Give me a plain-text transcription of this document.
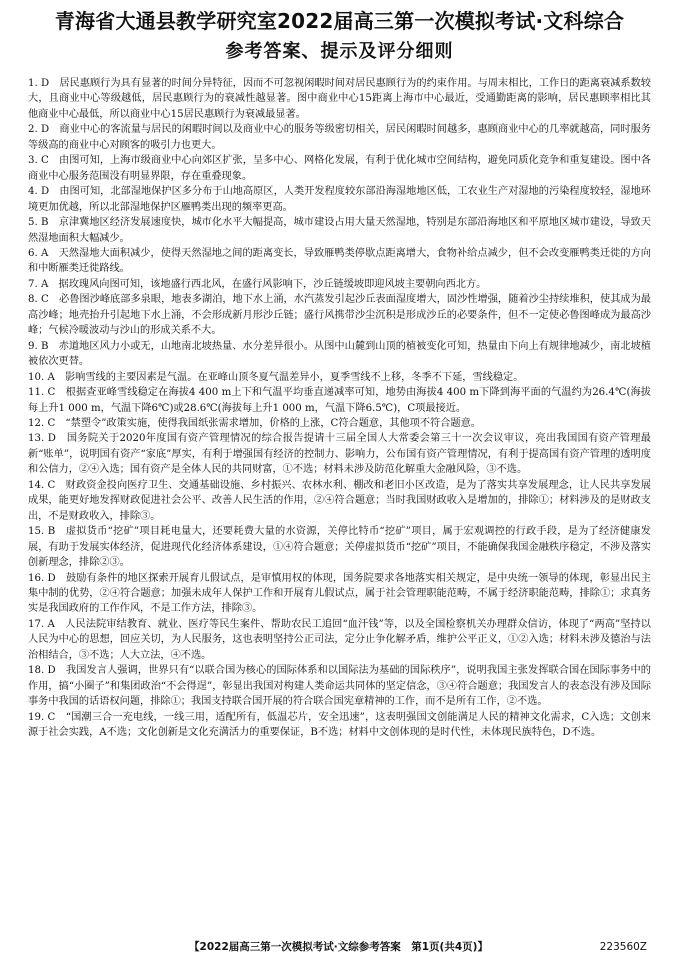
青海省大通县教学研究室2022届高三第一次模拟考试·文科综合
参考答案、提示及评分细则

1. D　居民惠顾行为具有显著的时间分异特征，因而不可忽视闲暇时间对居民惠顾行为的约束作用。与周末相比，工作日的距离衰减系数较大，且商业中心等级越低，居民惠顾行为的衰减性越显著。图中商业中心15距离上海市中心最近，受通勤距离的影响，居民惠顾率相比其他商业中心最低，所以商业中心15居民惠顾行为衰减最显著。

2. D　商业中心的客流量与居民的闲暇时间以及商业中心的服务等级密切相关，居民闲暇时间越多，惠顾商业中心的几率就越高，同时服务等级高的商业中心对顾客的吸引力也更大。

3. C　由图可知，上海市级商业中心向郊区扩张，呈多中心、网格化发展，有利于优化城市空间结构，避免同质化竞争和重复建设。图中各商业中心服务范围没有明显界限，存在重叠现象。

4. D　由图可知，北部湿地保护区多分布于山地高原区，人类开发程度较东部沿海湿地地区低，工农业生产对湿地的污染程度较轻，湿地环境更加优越，所以北部湿地保护区雁鸭类出现的频率更高。

5. B　京津冀地区经济发展速度快，城市化水平大幅提高，城市建设占用大量天然湿地，特别是东部沿海地区和平原地区城市建设，导致天然湿地面积大幅减少。

6. A　天然湿地大面积减少，使得天然湿地之间的距离变长，导致雁鸭类停歇点距离增大，食物补给点减少，但不会改变雁鸭类迁徙的方向和中断雁类迁徙路线。

7. A　据玫瑰风向图可知，该地盛行西北风，在盛行风影响下，沙丘链缓坡即迎风坡主要朝向西北方。

8. C　必鲁图沙峰底部多泉眼，地表多湖泊，地下水上涌，水汽蒸发引起沙丘表面湿度增大，固沙性增强，随着沙尘持续堆积，使其成为最高沙峰；地壳抬升引起地下水上涌，不会形成新月形沙丘链；盛行风携带沙尘沉积是形成沙丘的必要条件，但不一定使必鲁图峰成为最高沙峰；气候冷暖波动与沙山的形成关系不大。

9. B　赤道地区风力小或无，山地南北坡热量、水分差异很小。从图中山麓到山顶的植被变化可知，热量由下向上有规律地减少，南北坡植被依次更替。

10. A　影响雪线的主要因素是气温。在亚峰山顶冬夏气温差异小，夏季雪线不上移，冬季不下延，雪线稳定。

11. C　根据查亚峰雪线稳定在海拔4 400 m上下和气温平均垂直递减率可知，地势由海拔4 400 m下降到海平面的气温约为26.4℃(海拔每上升1 000 m，气温下降6℃)或28.6℃(海拔每上升1 000 m，气温下降6.5℃)，C项最接近。

12. C　“禁塑令”政策实施，使得我国纸张需求增加，价格的上涨，C符合题意，其他项不符合题意。

13. D　国务院关于2020年度国有资产管理情况的综合报告提请十三届全国人大常委会第三十一次会议审议，亮出我国国有资产管理最新“账单”，说明国有资产“家底”厚实，有利于增强国有经济的控制力、影响力，公布国有资产管理情况，有利于提高国有资产管理的透明度和公信力，②④入选；国有资产是全体人民的共同财富，①不选；材料未涉及防范化解重大金融风险，③不选。

14. C　财政资金投向医疗卫生、交通基础设施、乡村振兴、农林水利、棚改和老旧小区改造，是为了落实共享发展理念，让人民共享发展成果，能更好地发挥财政促进社会公平、改善人民生活的作用，②④符合题意；当时我国财政收入是增加的，排除①；材料涉及的是财政支出，不是财政收入，排除③。

15. B　虚拟货币“挖矿”项目耗电量大，还要耗费大量的水资源，关停比特币“挖矿”项目，属于宏观调控的行政手段，是为了经济健康发展，有助于发展实体经济，促进现代化经济体系建设，①④符合题意；关停虚拟货币“挖矿”项目，不能确保我国金融秩序稳定，不涉及落实创新理念，排除②③。

16. D　鼓励有条件的地区探索开展育儿假试点，是审慎用权的体现，国务院要求各地落实相关规定，是中央统一领导的体现，彰显出民主集中制的优势，②④符合题意；加强未成年人保护工作和开展育儿假试点，属于社会管理职能范畴，不属于经济职能范畴，排除①；求真务实是我国政府的工作作风，不是工作方法，排除③。

17. A　人民法院审结教育、就业、医疗等民生案件、帮助农民工追回“血汗钱”等，以及全国检察机关办理群众信访，体现了“两高”坚持以人民为中心的思想，回应关切，为人民服务，这也表明坚持公正司法，定分止争化解矛盾，维护公平正义，①②入选；材料未涉及德治与法治相结合，③不选；人大立法，④不选。

18. D　我国发言人强调，世界只有“以联合国为核心的国际体系和以国际法为基础的国际秩序”，说明我国主张发挥联合国在国际事务中的作用，搞“小圈子”和集团政治“不会得逞”，彰显出我国对构建人类命运共同体的坚定信念，③④符合题意；我国发言人的表态没有涉及国际事务中我国的话语权问题，排除①；我国支持联合国开展的符合联合国宪章精神的工作，而不是所有工作，②不选。

19. C　“国潮三合一充电线，一线三用，适配所有，低温芯片，安全迅速”，这表明强国文创能满足人民的精神文化需求，C入选；文创来源于社会实践，A不选；文化创新是文化充满活力的重要保证，B不选；材料中文创体现的是时代性，未体现民族特色，D不选。

【2022届高三第一次模拟考试·文综参考答案　第1页(共4页)】	223560Z
